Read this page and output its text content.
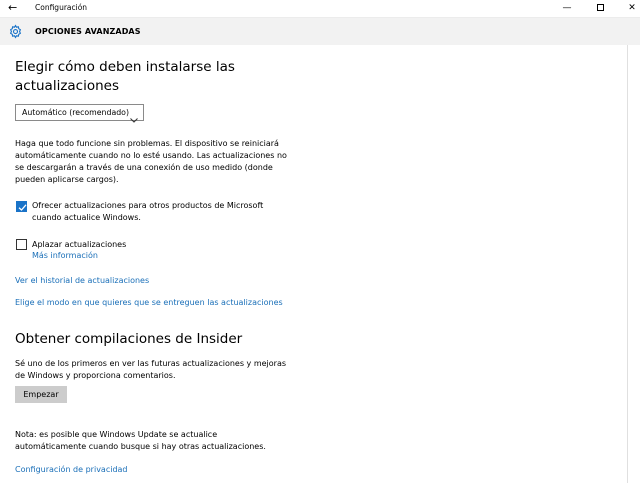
←	Configuración	—	✕
OPCIONES AVANZADAS
Elegir cómo deben instalarse las
actualizaciones
Automático (recomendado)
Haga que todo funcione sin problemas. El dispositivo se reiniciará
automáticamente cuando no lo esté usando. Las actualizaciones no
se descargarán a través de una conexión de uso medido (donde
pueden aplicarse cargos).
Ofrecer actualizaciones para otros productos de Microsoft
cuando actualice Windows.
Aplazar actualizaciones
Más información
Ver el historial de actualizaciones
Elige el modo en que quieres que se entreguen las actualizaciones
Obtener compilaciones de Insider
Sé uno de los primeros en ver las futuras actualizaciones y mejoras
de Windows y proporciona comentarios.
Empezar
Nota: es posible que Windows Update se actualice
automáticamente cuando busque si hay otras actualizaciones.
Configuración de privacidad
